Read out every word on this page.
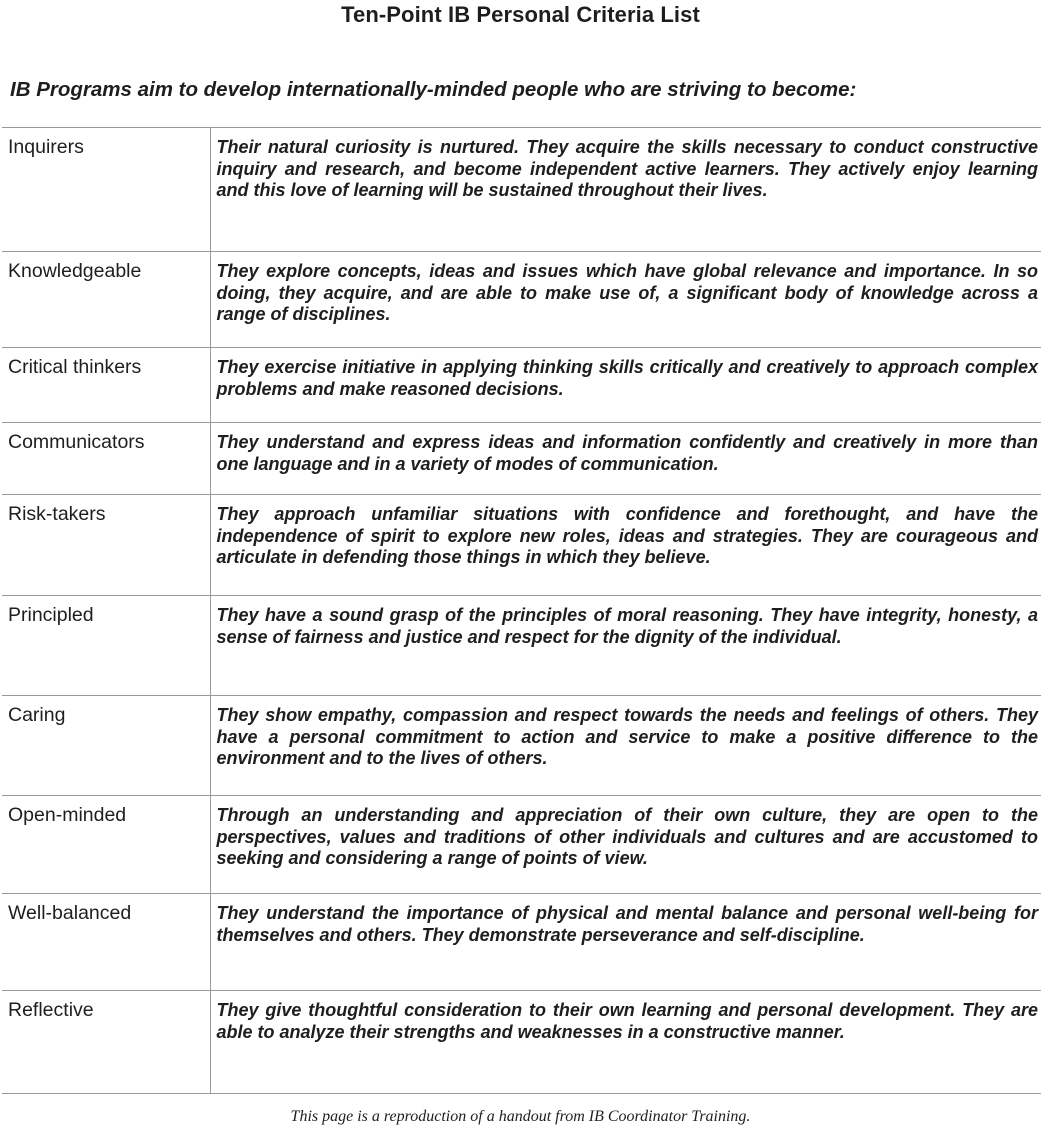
Ten-Point IB Personal Criteria List
IB Programs aim to develop internationally-minded people who are striving to become:
Inquirers	Their natural curiosity is nurtured. They acquire the skills necessary to conduct constructive inquiry and research, and become independent active learners. They actively enjoy learning and this love of learning will be sustained throughout their lives.
Knowledgeable	They explore concepts, ideas and issues which have global relevance and importance. In so doing, they acquire, and are able to make use of, a significant body of knowledge across a range of disciplines.
Critical thinkers	They exercise initiative in applying thinking skills critically and creatively to approach complex problems and make reasoned decisions.
Communicators	They understand and express ideas and information confidently and creatively in more than one language and in a variety of modes of communication.
Risk-takers	They approach unfamiliar situations with confidence and forethought, and have the independence of spirit to explore new roles, ideas and strategies. They are courageous and articulate in defending those things in which they believe.
Principled	They have a sound grasp of the principles of moral reasoning. They have integrity, honesty, a sense of fairness and justice and respect for the dignity of the individual.
Caring	They show empathy, compassion and respect towards the needs and feelings of others. They have a personal commitment to action and service to make a positive difference to the environment and to the lives of others.
Open-minded	Through an understanding and appreciation of their own culture, they are open to the perspectives, values and traditions of other individuals and cultures and are accustomed to seeking and considering a range of points of view.
Well-balanced	They understand the importance of physical and mental balance and personal well-being for themselves and others. They demonstrate perseverance and self-discipline.
Reflective	They give thoughtful consideration to their own learning and personal development. They are able to analyze their strengths and weaknesses in a constructive manner.
This page is a reproduction of a handout from IB Coordinator Training.
